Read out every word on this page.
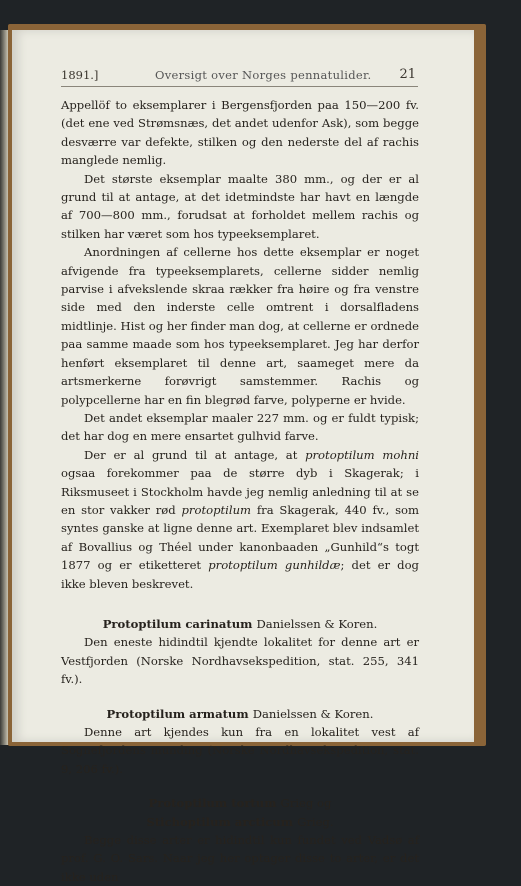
1891.]	Oversigt over Norges pennatulider. 21

Appellöf to eksemplarer i Bergensfjorden paa 150—200 fv. (det ene ved Strømsnæs, det andet udenfor Ask), som begge desværre var defekte, stilken og den nederste del af rachis manglede nemlig.

Det største eksemplar maalte 380 mm., og der er al grund til at antage, at det idetmindste har havt en længde af 700—800 mm., forudsat at forholdet mellem rachis og stilken har været som hos typeeksemplaret.

Anordningen af cellerne hos dette eksemplar er noget afvigende fra typeeksemplarets, cellerne sidder nemlig parvise i afvekslende skraa rækker fra høire og fra venstre side med den inderste celle omtrent i dorsalfladens midtlinje. Hist og her finder man dog, at cellerne er ordnede paa samme maade som hos typeeksemplaret. Jeg har derfor henført eksemplaret til denne art, saameget mere da artsmerkerne forøvrigt samstemmer. Rachis og polypcellerne har en fin blegrød farve, polyperne er hvide.

Det andet eksemplar maaler 227 mm. og er fuldt typisk; det har dog en mere ensartet gulhvid farve.

Der er al grund til at antage, at protoptilum mohni ogsaa forekommer paa de større dyb i Skagerak; i Riksmuseet i Stockholm havde jeg nemlig anledning til at se en stor vakker rød protoptilum fra Skagerak, 440 fv., som syntes ganske at ligne denne art. Exemplaret blev indsamlet af Bovallius og Théel under kanonbaaden „Gunhild“s togt 1877 og er etiketteret protoptilum gunhildæ; det er dog ikke bleven beskrevet.

Protoptilum carinatum Danielssen & Koren.

Den eneste hidindtil kjendte lokalitet for denne art er Vestfjorden (Norske Nordhavsekspedition, stat. 255, 341 fv.).

Protoptilum armatum Danielssen & Koren.

Denne art kjendes kun fra en lokalitet vest af Sognefjordens munding (Norske Nordhavsekspedition, stat. 9, 206 fv.).

Protoptilum tortum Grieg og

Stichoptilum arcticum Grieg.

Begge disse arter er hidindtil kun fundet ved Vadsø af prof. G. O. Sars. Naar jeg her optager disse to arter, er det ikke uden
